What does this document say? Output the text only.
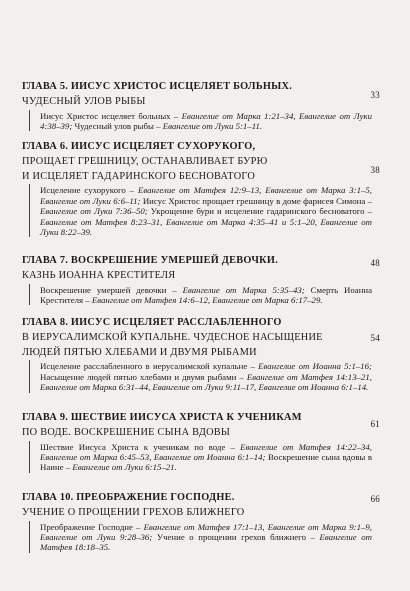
33
ГЛАВА 5. ИИСУС ХРИСТОС ИСЦЕЛЯЕТ БОЛЬНЫХ.
ЧУДЕСНЫЙ УЛОВ РЫБЫ
Иисус Христос исцеляет больных – Евангелие от Марка 1:21–34, Евангелие от Луки 4:38–39; Чудесный улов рыбы – Евангелие от Луки 5:1–11.
38
ГЛАВА 6. ИИСУС ИСЦЕЛЯЕТ СУХОРУКОГО,
ПРОЩАЕТ ГРЕШНИЦУ, ОСТАНАВЛИВАЕТ БУРЮ
И ИСЦЕЛЯЕТ ГАДАРИНСКОГО БЕСНОВАТОГО
Исцеление сухорукого – Евангелие от Матфея 12:9–13, Евангелие от Марка 3:1–5, Евангелие от Луки 6:6–11; Иисус Христос прощает грешницу в доме фарисея Симона – Евангелие от Луки 7:36–50; Укрощение бури и исцеление гадаринского бесноватого – Евангелие от Матфея 8:23–31, Евангелие от Марка 4:35–41 и 5:1–20, Евангелие от Луки 8:22–39.
48
ГЛАВА 7. ВОСКРЕШЕНИЕ УМЕРШЕЙ ДЕВОЧКИ.
КАЗНЬ ИОАННА КРЕСТИТЕЛЯ
Воскрешение умершей девочки – Евангелие от Марка 5:35–43; Смерть Иоанна Крестителя – Евангелие от Матфея 14:6–12, Евангелие от Марка 6:17–29.
54
ГЛАВА 8. ИИСУС ИСЦЕЛЯЕТ РАССЛАБЛЕННОГО
В ИЕРУСАЛИМСКОЙ КУПАЛЬНЕ. ЧУДЕСНОЕ НАСЫЩЕНИЕ
ЛЮДЕЙ ПЯТЬЮ ХЛЕБАМИ И ДВУМЯ РЫБАМИ
Исцеление расслабленного в иерусалимской купальне – Евангелие от Иоанна 5:1–16; Насыщение людей пятью хлебами и двумя рыбами – Евангелие от Матфея 14:13–21, Евангелие от Марка 6:31–44, Евангелие от Луки 9:11–17, Евангелие от Иоанна 6:1–14.
61
ГЛАВА 9. ШЕСТВИЕ ИИСУСА ХРИСТА К УЧЕНИКАМ
ПО ВОДЕ. ВОСКРЕШЕНИЕ СЫНА ВДОВЫ
Шествие Иисуса Христа к ученикам по воде – Евангелие от Матфея 14:22–34, Евангелие от Марка 6:45–53, Евангелие от Иоанна 6:1–14; Воскрешение сына вдовы в Наине – Евангелие от Луки 6:15–21.
66
ГЛАВА 10. ПРЕОБРАЖЕНИЕ ГОСПОДНЕ.
УЧЕНИЕ О ПРОЩЕНИИ ГРЕХОВ БЛИЖНЕГО
Преображение Господне – Евангелие от Матфея 17:1–13, Евангелие от Марка 9:1–9, Евангелие от Луки 9:28–36; Учение о прощении грехов ближнего – Евангелие от Матфея 18:18–35.
